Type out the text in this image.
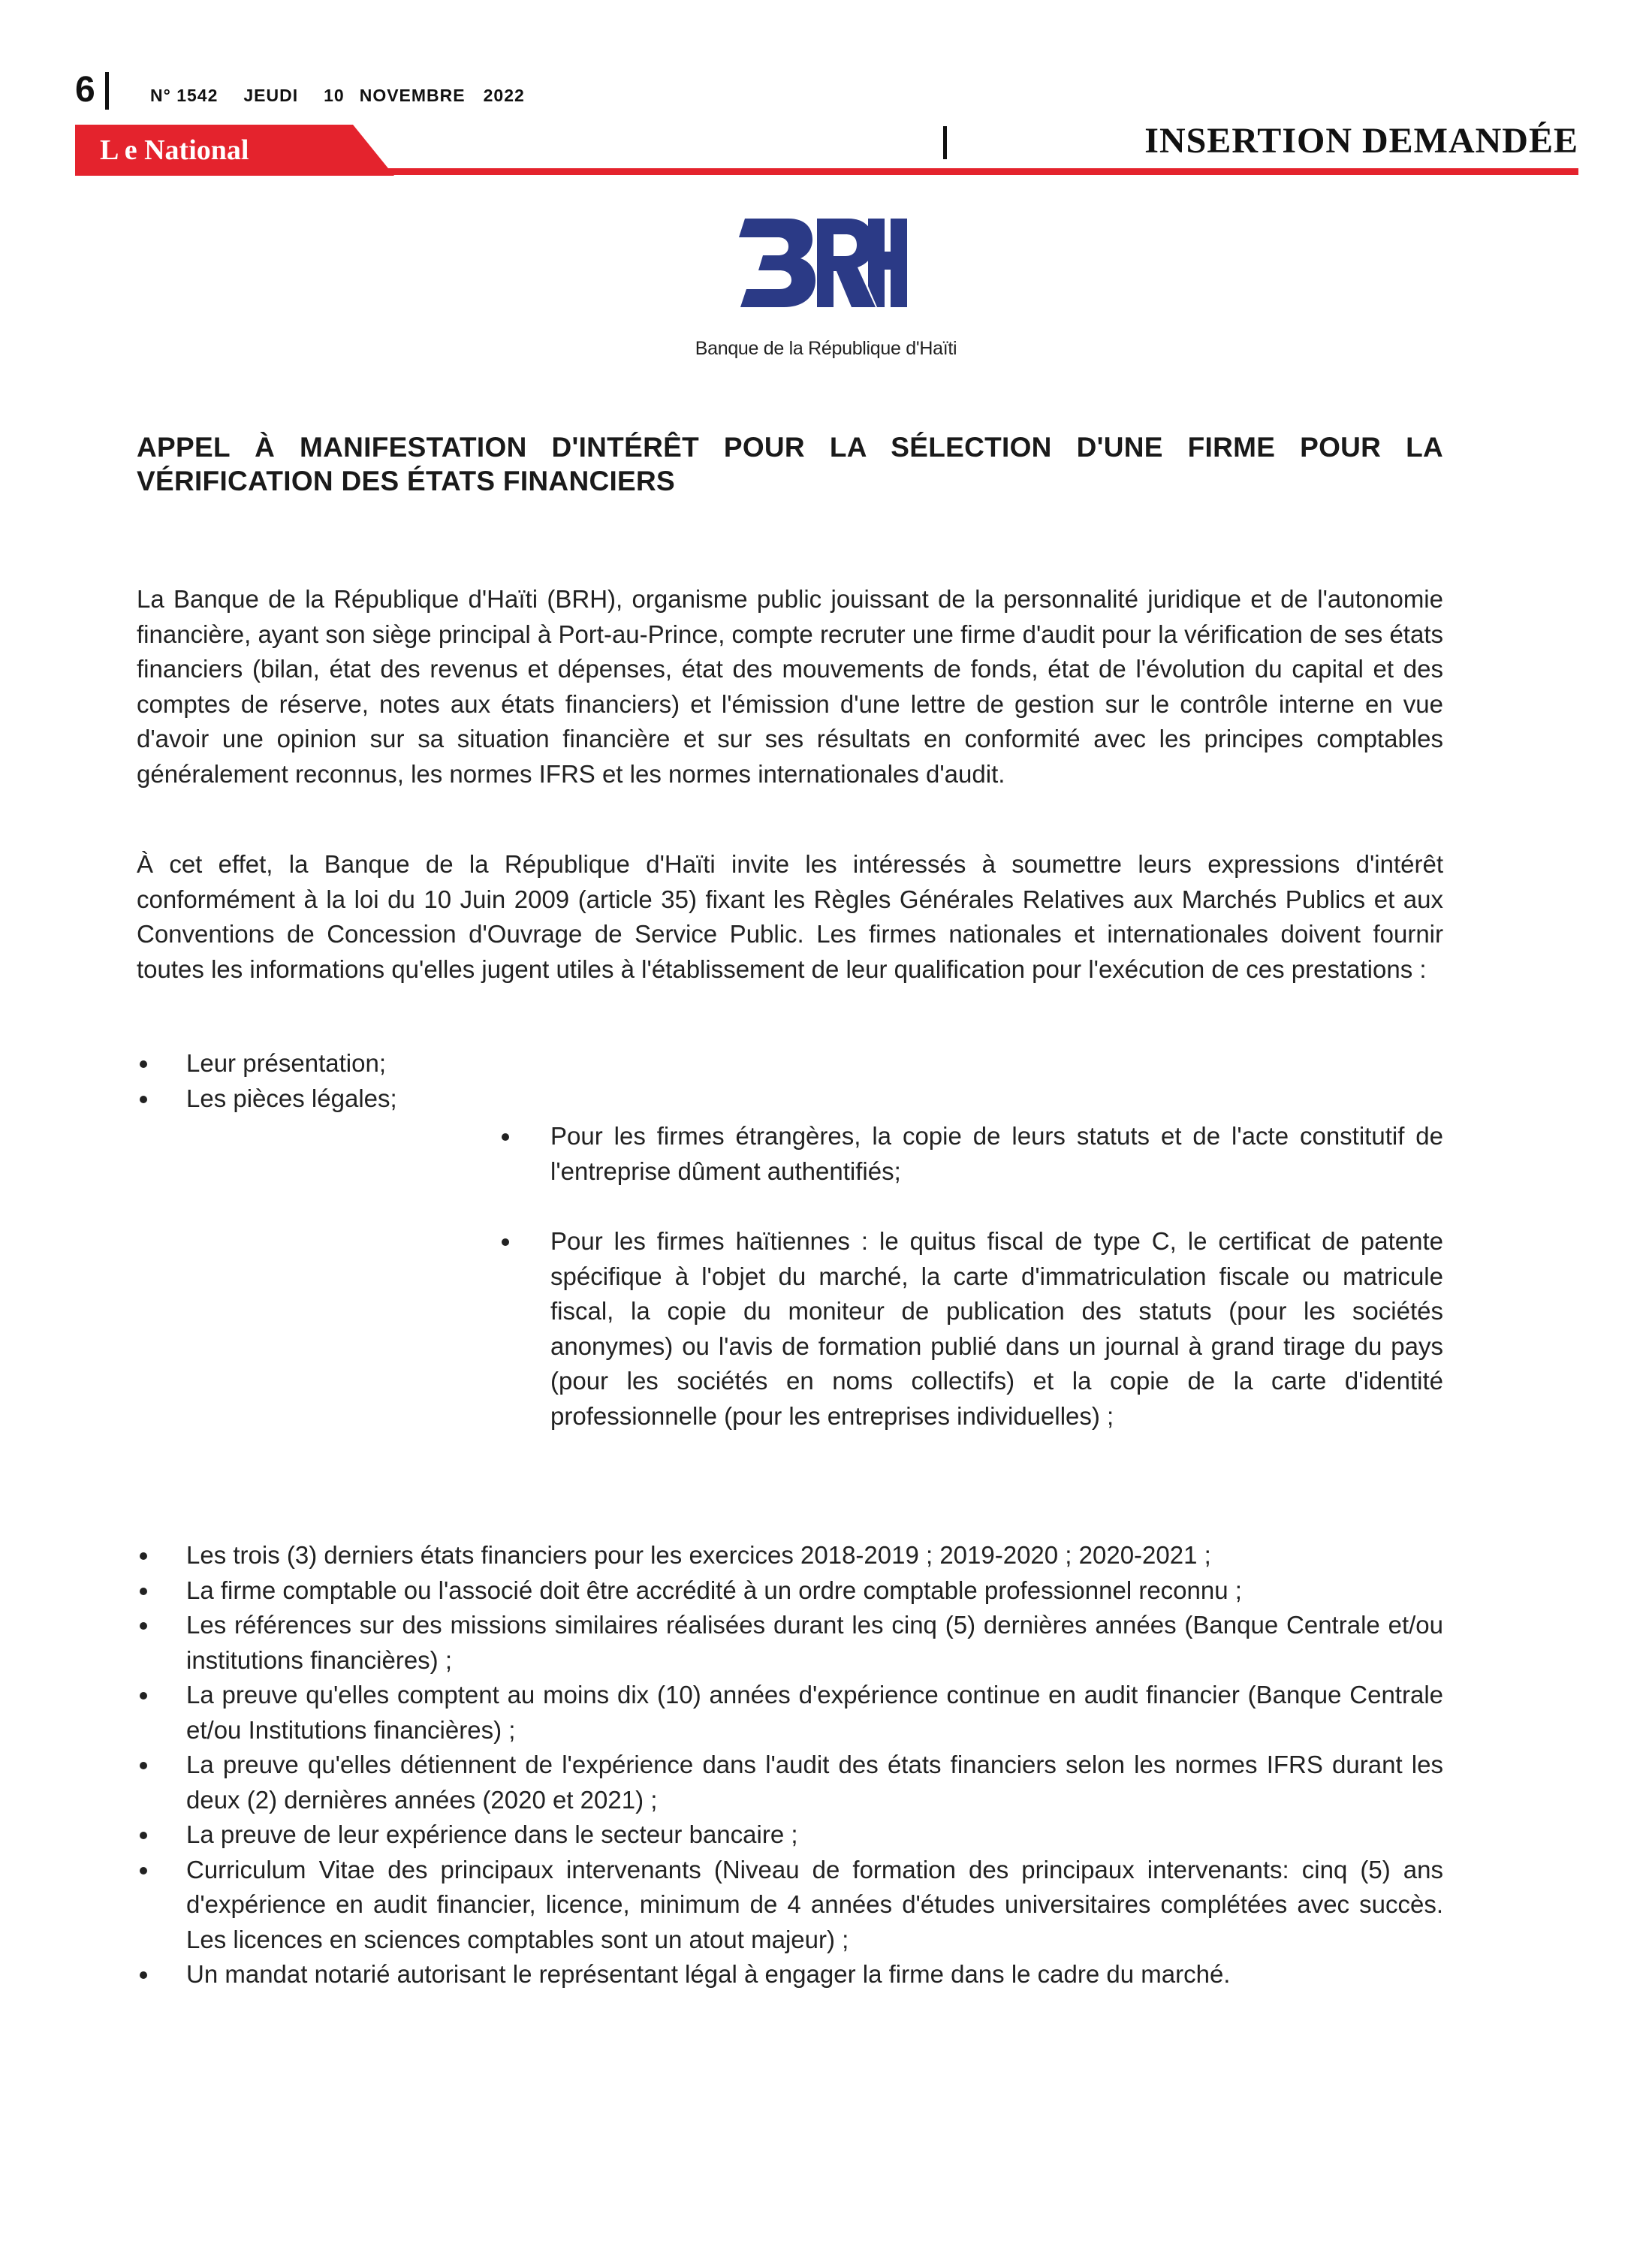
6	N° 1542 JEUDI 10 NOVEMBRE 2022
L e National	INSERTION DEMANDÉE
Banque de la République d'Haïti
APPEL À MANIFESTATION D'INTÉRÊT POUR LA SÉLECTION D'UNE FIRME POUR LA VÉRIFICATION DES ÉTATS FINANCIERS
La Banque de la République d'Haïti (BRH), organisme public jouissant de la personnalité juridique et de l'autonomie financière, ayant son siège principal à Port-au-Prince, compte recruter une firme d'audit pour la vérification de ses états financiers (bilan, état des revenus et dépenses, état des mouvements de fonds, état de l'évolution du capital et des comptes de réserve, notes aux états financiers) et l'émission d'une lettre de gestion sur le contrôle interne en vue d'avoir une opinion sur sa situation financière et sur ses résultats en conformité avec les principes comptables généralement reconnus, les normes IFRS et les normes internationales d'audit.
À cet effet, la Banque de la République d'Haïti invite les intéressés à soumettre leurs expressions d'intérêt conformément à la loi du 10 Juin 2009 (article 35) fixant les Règles Générales Relatives aux Marchés Publics et aux Conventions de Concession d'Ouvrage de Service Public. Les firmes nationales et internationales doivent fournir toutes les informations qu'elles jugent utiles à l'établissement de leur qualification pour l'exécution de ces prestations :
Leur présentation;
Les pièces légales;
Pour les firmes étrangères, la copie de leurs statuts et de l'acte constitutif de l'entreprise dûment authentifiés;
Pour les firmes haïtiennes : le quitus fiscal de type C, le certificat de patente spécifique à l'objet du marché, la carte d'immatriculation fiscale ou matricule fiscal, la copie du moniteur de publication des statuts (pour les sociétés anonymes) ou l'avis de formation publié dans un journal à grand tirage du pays (pour les sociétés en noms collectifs) et la copie de la carte d'identité professionnelle (pour les entreprises individuelles) ;
Les trois (3) derniers états financiers pour les exercices 2018-2019 ; 2019-2020 ; 2020-2021 ;
La firme comptable ou l'associé doit être accrédité à un ordre comptable professionnel reconnu ;
Les références sur des missions similaires réalisées durant les cinq (5) dernières années (Banque Centrale et/ou institutions financières) ;
La preuve qu'elles comptent au moins dix (10) années d'expérience continue en audit financier (Banque Centrale et/ou Institutions financières) ;
La preuve qu'elles détiennent de l'expérience dans l'audit des états financiers selon les normes IFRS durant les deux (2) dernières années (2020 et 2021) ;
La preuve de leur expérience dans le secteur bancaire ;
Curriculum Vitae des principaux intervenants (Niveau de formation des principaux intervenants: cinq (5) ans d'expérience en audit financier, licence, minimum de 4 années d'études universitaires complétées avec succès. Les licences en sciences comptables sont un atout majeur) ;
Un mandat notarié autorisant le représentant légal à engager la firme dans le cadre du marché.
